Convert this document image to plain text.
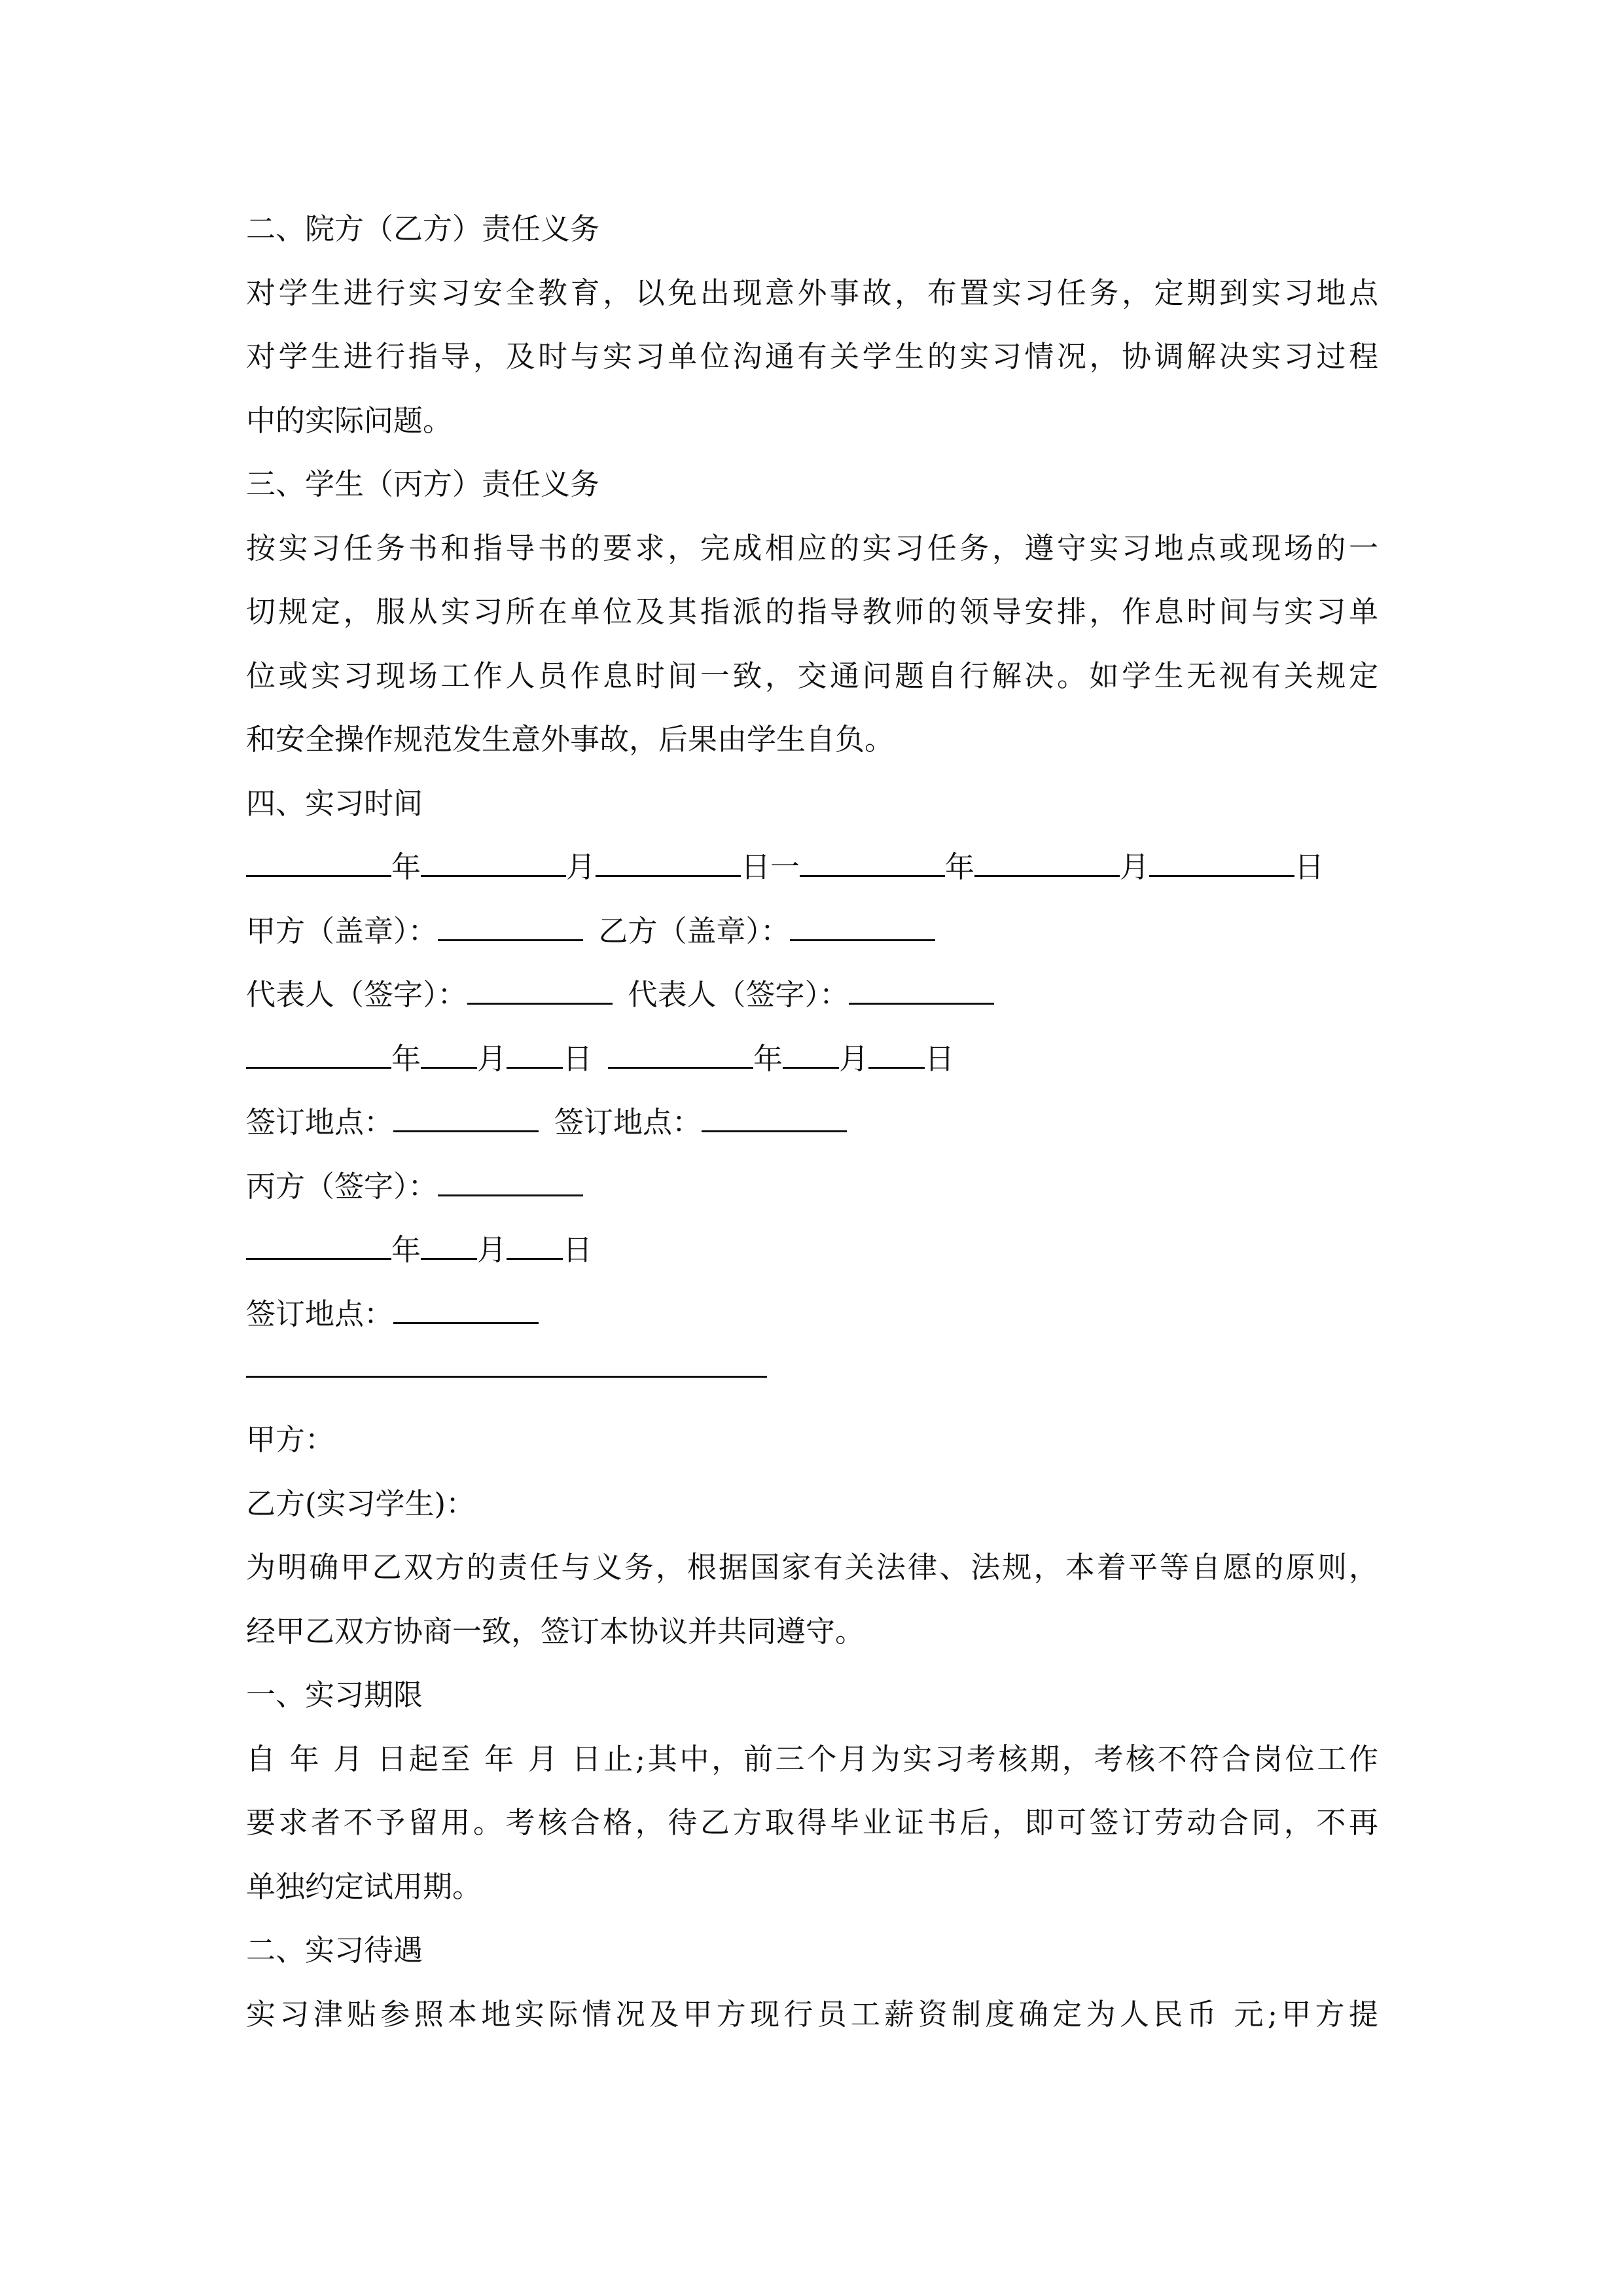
二、院方（乙方）责任义务
对学生进行实习安全教育，以免出现意外事故，布置实习任务，定期到实习地点
对学生进行指导，及时与实习单位沟通有关学生的实习情况，协调解决实习过程
中的实际问题。
三、学生（丙方）责任义务
按实习任务书和指导书的要求，完成相应的实习任务，遵守实习地点或现场的一
切规定，服从实习所在单位及其指派的指导教师的领导安排，作息时间与实习单
位或实习现场工作人员作息时间一致，交通问题自行解决。如学生无视有关规定
和安全操作规范发生意外事故，后果由学生自负。
四、实习时间
年	月	日一	年	月	日
甲方（盖章）：	乙方（盖章）：
代表人（签字）：	代表人（签字）：
年 月 日	年 月 日
签订地点：	签订地点：
丙方（签字）：
年 月 日
签订地点：
甲方：
乙方(实习学生)：
为明确甲乙双方的责任与义务，根据国家有关法律、法规，本着平等自愿的原则，
经甲乙双方协商一致，签订本协议并共同遵守。
一、实习期限
自 年 月 日起至 年 月 日止;其中，前三个月为实习考核期，考核不符合岗位工作
要求者不予留用。考核合格，待乙方取得毕业证书后，即可签订劳动合同，不再
单独约定试用期。
二、实习待遇
实习津贴参照本地实际情况及甲方现行员工薪资制度确定为人民币 元;甲方提
